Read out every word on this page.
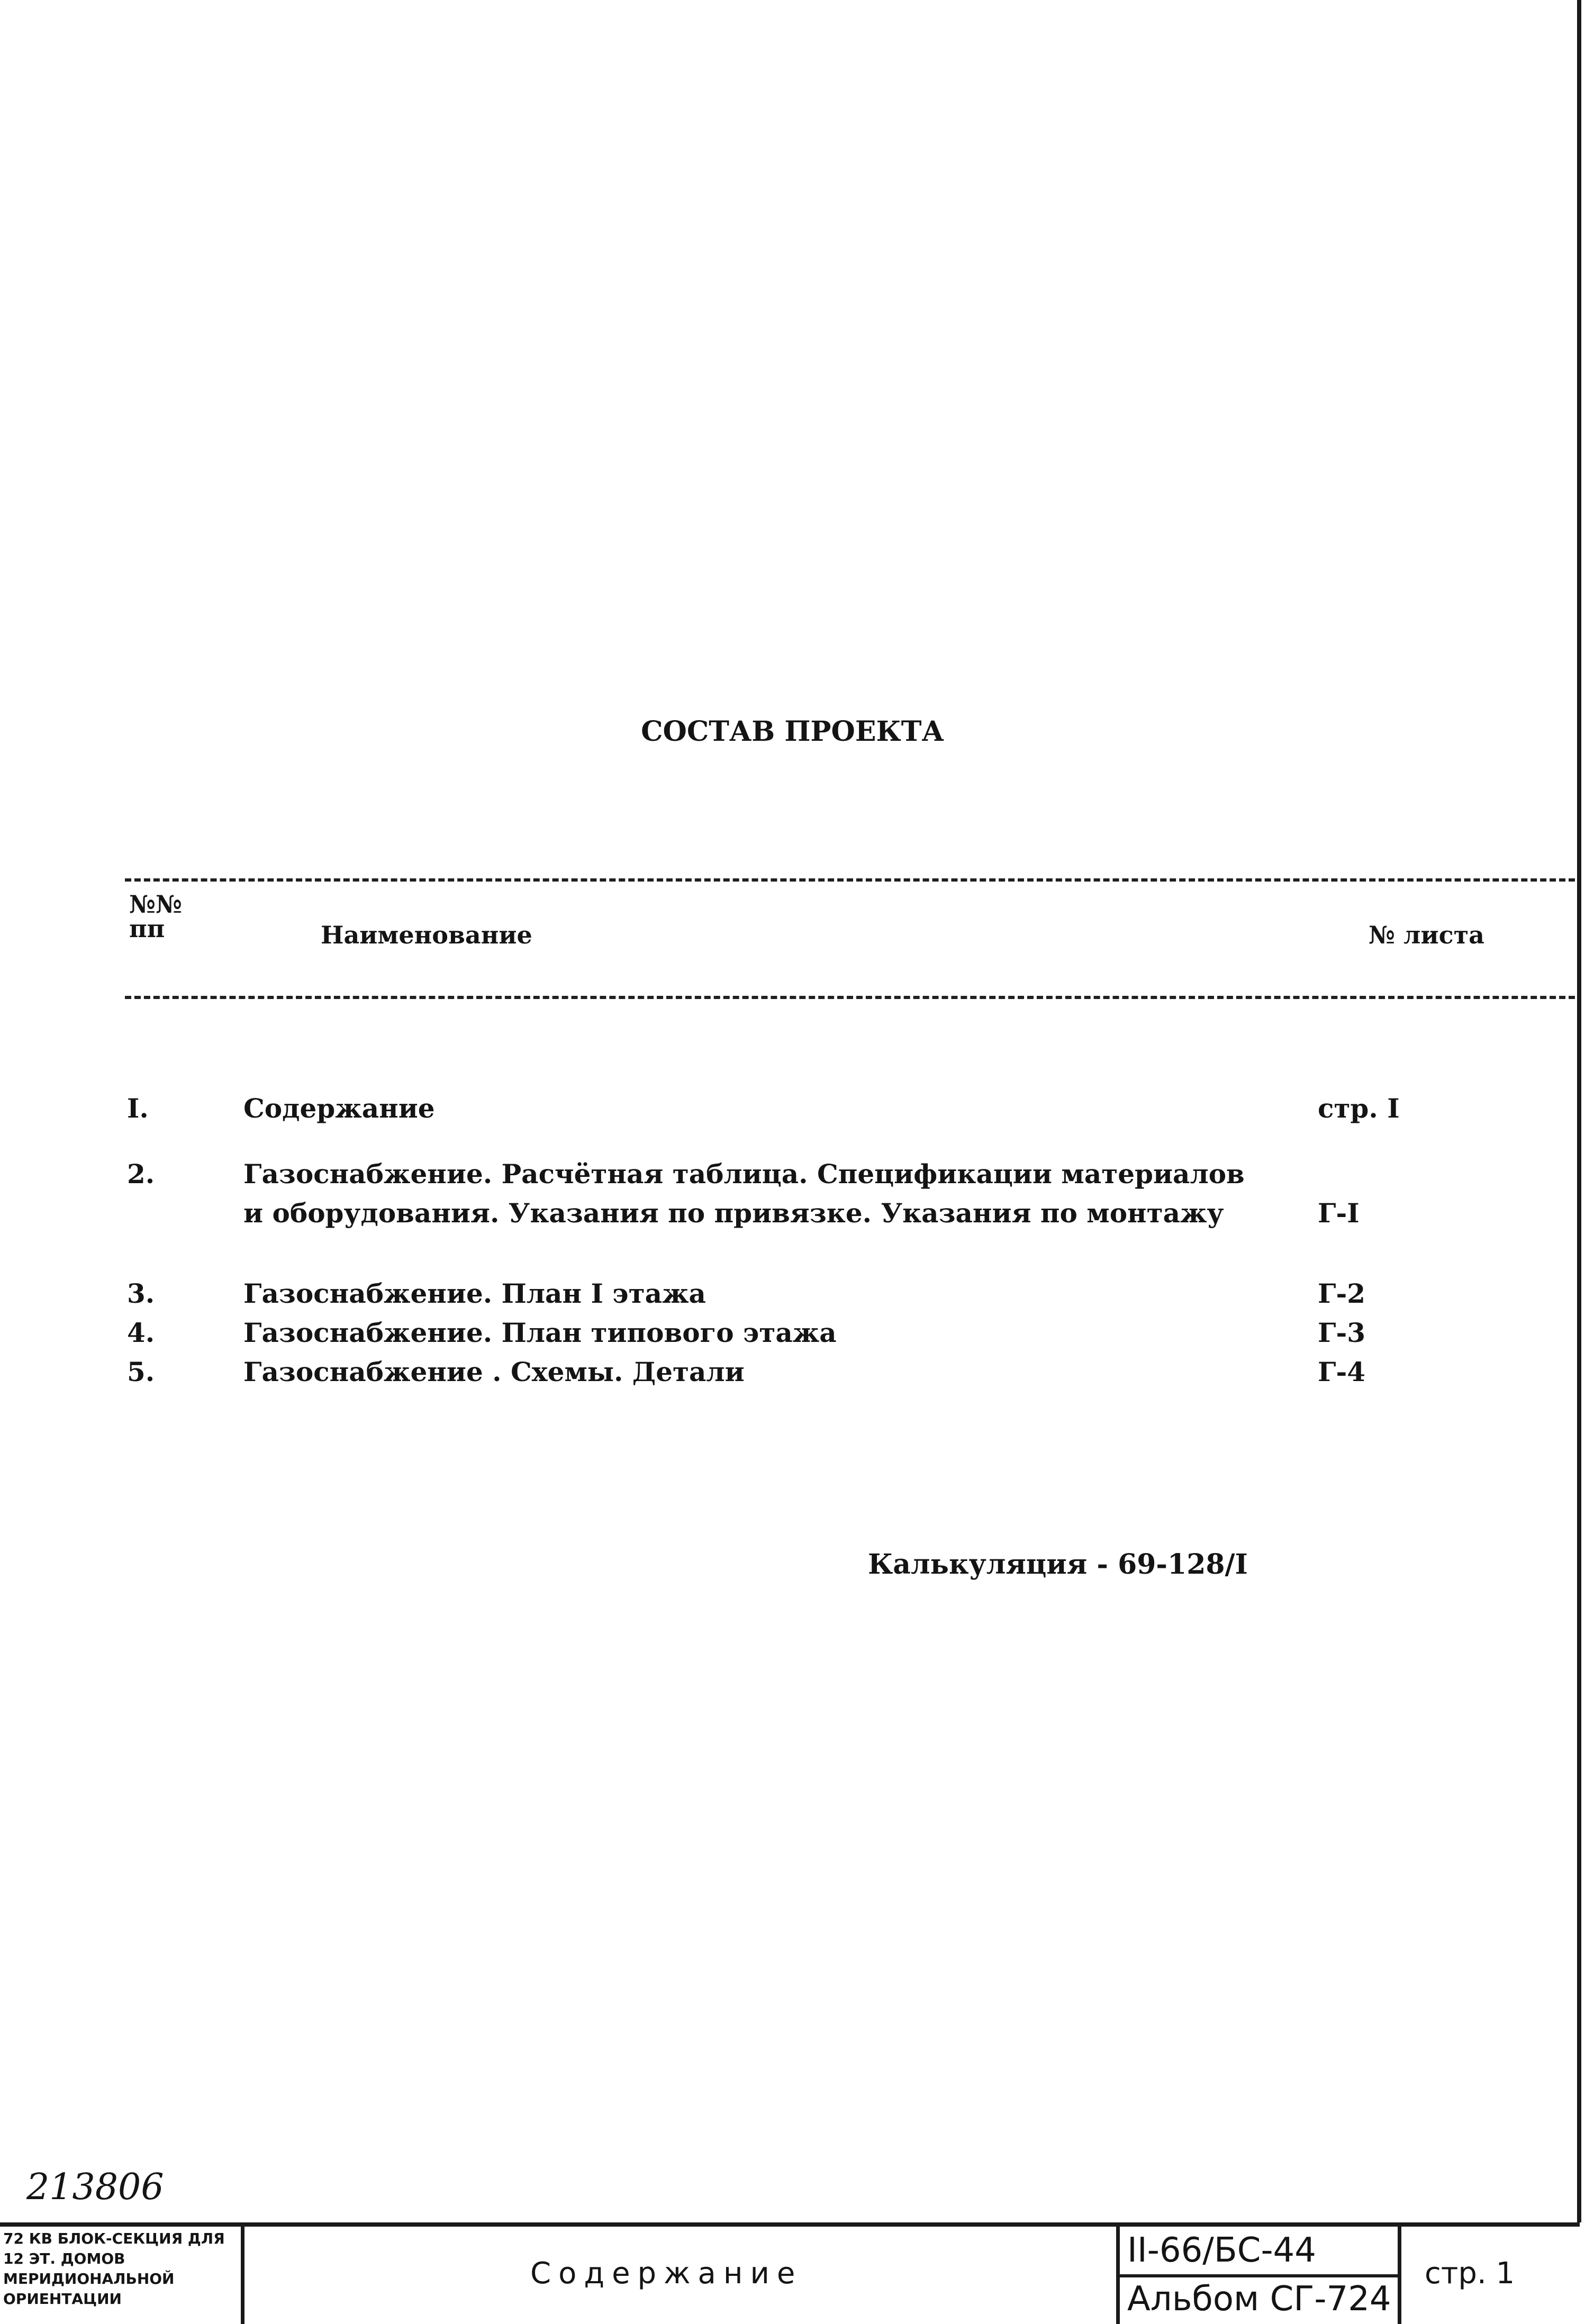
СОСТАВ ПРОЕКТА
№№
пп	Наименование	№ листа
I.	Содержание	стр. I
2.	Газоснабжение. Расчётная таблица. Спецификации материалов и оборудования. Указания по привязке. Указания по монтажу	Г-I
3.	Газоснабжение. План I этажа	Г-2
4.	Газоснабжение. План типового этажа	Г-3
5.	Газоснабжение . Схемы. Детали	Г-4
Калькуляция - 69-128/I
213806
72 КВ БЛОК-СЕКЦИЯ ДЛЯ 12 ЭТ. ДОМОВ МЕРИДИОНАЛЬНОЙ ОРИЕНТАЦИИ
Содержание
II-66/БС-44
Альбом СГ-724
стр. 1
